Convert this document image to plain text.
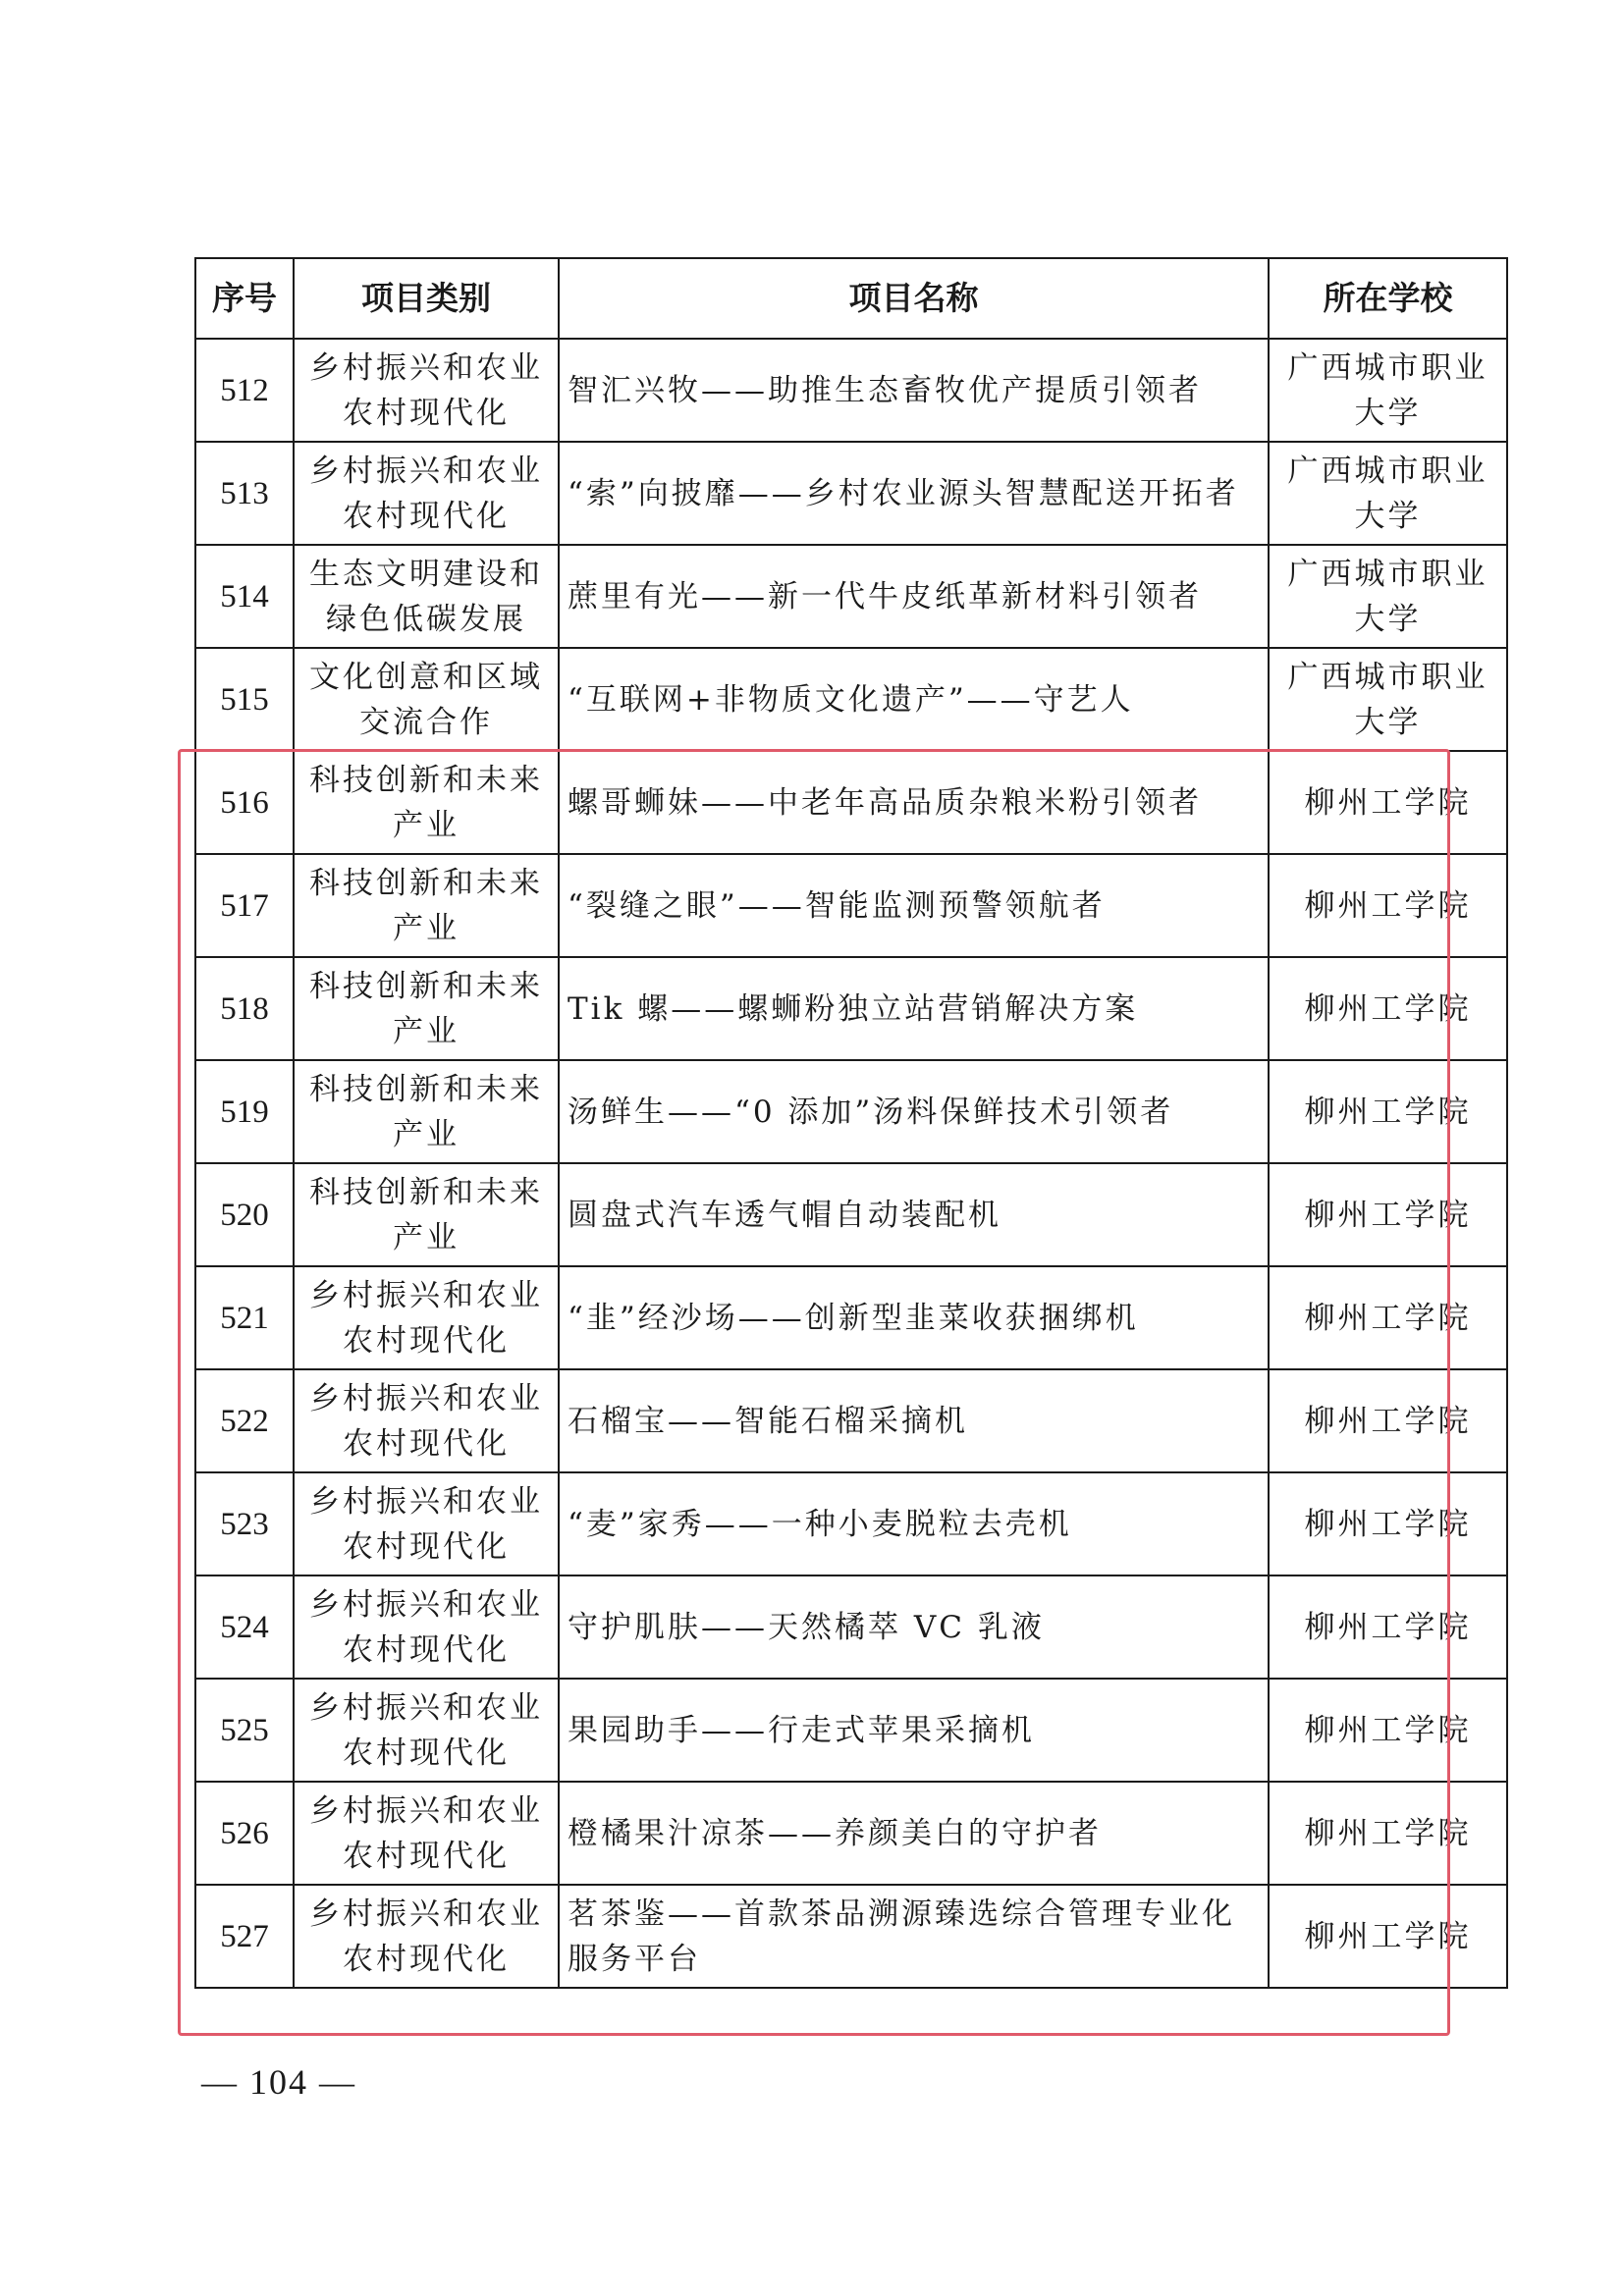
序号	项目类别	项目名称	所在学校
512	乡村振兴和农业农村现代化	智汇兴牧——助推生态畜牧优产提质引领者	广西城市职业大学
513	乡村振兴和农业农村现代化	“索”向披靡——乡村农业源头智慧配送开拓者	广西城市职业大学
514	生态文明建设和绿色低碳发展	蔗里有光——新一代牛皮纸革新材料引领者	广西城市职业大学
515	文化创意和区域交流合作	“互联网+非物质文化遗产”——守艺人	广西城市职业大学
516	科技创新和未来产业	螺哥蛳妹——中老年高品质杂粮米粉引领者	柳州工学院
517	科技创新和未来产业	“裂缝之眼”——智能监测预警领航者	柳州工学院
518	科技创新和未来产业	Tik 螺——螺蛳粉独立站营销解决方案	柳州工学院
519	科技创新和未来产业	汤鲜生——“0 添加”汤料保鲜技术引领者	柳州工学院
520	科技创新和未来产业	圆盘式汽车透气帽自动装配机	柳州工学院
521	乡村振兴和农业农村现代化	“韭”经沙场——创新型韭菜收获捆绑机	柳州工学院
522	乡村振兴和农业农村现代化	石榴宝——智能石榴采摘机	柳州工学院
523	乡村振兴和农业农村现代化	“麦”家秀——一种小麦脱粒去壳机	柳州工学院
524	乡村振兴和农业农村现代化	守护肌肤——天然橘萃 VC 乳液	柳州工学院
525	乡村振兴和农业农村现代化	果园助手——行走式苹果采摘机	柳州工学院
526	乡村振兴和农业农村现代化	橙橘果汁凉茶——养颜美白的守护者	柳州工学院
527	乡村振兴和农业农村现代化	茗茶鉴——首款茶品溯源臻选综合管理专业化服务平台	柳州工学院
— 104 —
